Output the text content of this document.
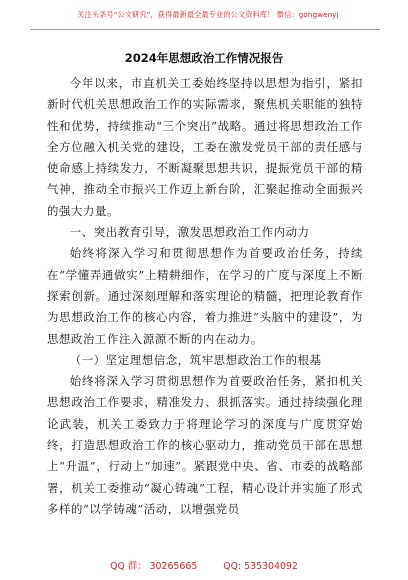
关注头条号“公文研究”，获得最新最全最专业的公文资料库！ 微信：gongwenyj
2024年思想政治工作情况报告

今年以来，市直机关工委始终坚持以思想为指引，紧扣新时代机关思想政治工作的实际需求，聚焦机关职能的独特性和优势，持续推动“三个突出”战略。通过将思想政治工作全方位融入机关党的建设，工委在激发党员干部的责任感与使命感上持续发力，不断凝聚思想共识，提振党员干部的精气神，推动全市振兴工作迈上新台阶，汇聚起推动全面振兴的强大力量。

一、突出教育引导，激发思想政治工作内动力

始终将深入学习和贯彻思想作为首要政治任务，持续在“学懂弄通做实”上精耕细作，在学习的广度与深度上不断探索创新。通过深刻理解和落实理论的精髓，把理论教育作为思想政治工作的核心内容，着力推进“头脑中的建设”，为思想政治工作注入源源不断的内在动力。

（一）坚定理想信念，筑牢思想政治工作的根基

始终将深入学习贯彻思想作为首要政治任务，紧扣机关思想政治工作要求，精准发力、狠抓落实。通过持续强化理论武装，机关工委致力于将理论学习的深度与广度贯穿始终，打造思想政治工作的核心驱动力，推动党员干部在思想上“升温”，行动上“加速”。紧跟党中央、省、市委的战略部署，机关工委推动“凝心铸魂”工程，精心设计并实施了形式多样的“以学铸魂”活动，以增强党员

QQ 群： 30265665	QQ: 535304092
